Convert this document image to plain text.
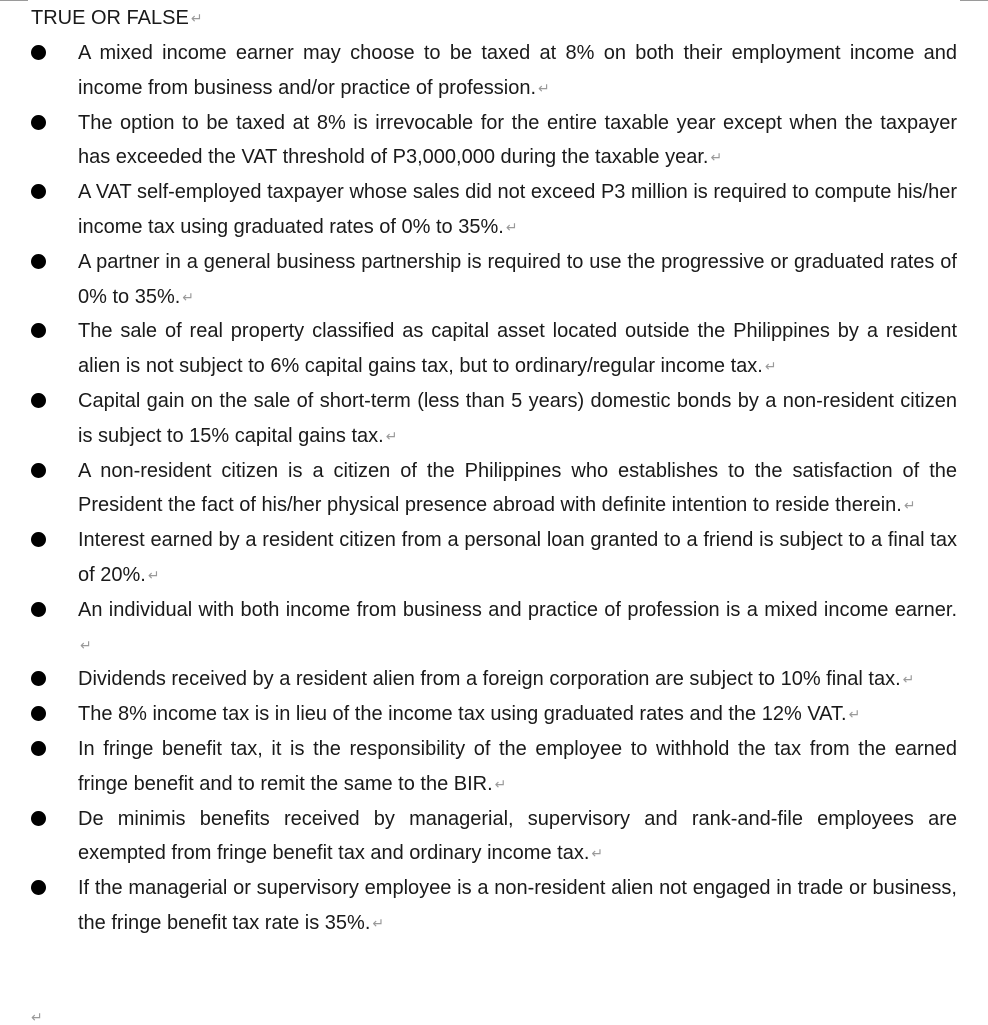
TRUE OR FALSE ↵
A mixed income earner may choose to be taxed at 8% on both their employment income and income from business and/or practice of profession. ↵
The option to be taxed at 8% is irrevocable for the entire taxable year except when the taxpayer has exceeded the VAT threshold of P3,000,000 during the taxable year. ↵
A VAT self-employed taxpayer whose sales did not exceed P3 million is required to compute his/her income tax using graduated rates of 0% to 35%. ↵
A partner in a general business partnership is required to use the progressive or graduated rates of 0% to 35%. ↵
The sale of real property classified as capital asset located outside the Philippines by a resident alien is not subject to 6% capital gains tax, but to ordinary/regular income tax. ↵
Capital gain on the sale of short-term (less than 5 years) domestic bonds by a non-resident citizen is subject to 15% capital gains tax. ↵
A non-resident citizen is a citizen of the Philippines who establishes to the satisfaction of the President the fact of his/her physical presence abroad with definite intention to reside therein. ↵
Interest earned by a resident citizen from a personal loan granted to a friend is subject to a final tax of 20%. ↵
An individual with both income from business and practice of profession is a mixed income earner.↵
Dividends received by a resident alien from a foreign corporation are subject to 10% final tax. ↵
The 8% income tax is in lieu of the income tax using graduated rates and the 12% VAT. ↵
In fringe benefit tax, it is the responsibility of the employee to withhold the tax from the earned fringe benefit and to remit the same to the BIR. ↵
De minimis benefits received by managerial, supervisory and rank-and-file employees are exempted from fringe benefit tax and ordinary income tax. ↵
If the managerial or supervisory employee is a non-resident alien not engaged in trade or business, the fringe benefit tax rate is 35%. ↵
↵
